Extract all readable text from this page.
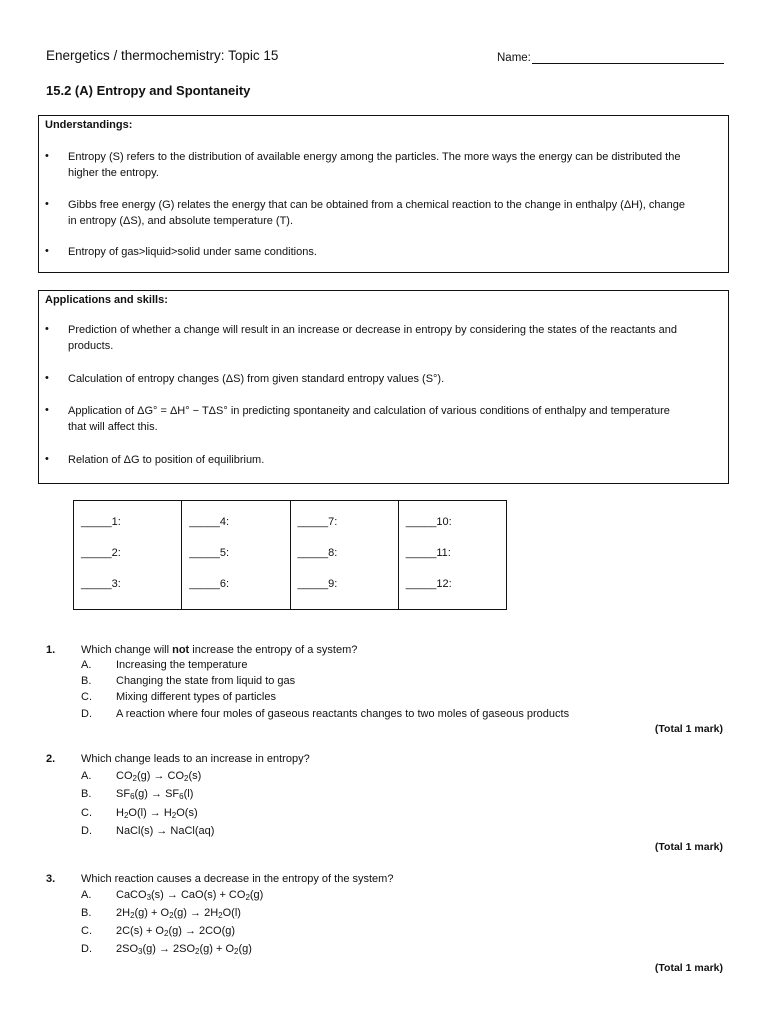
Energetics / thermochemistry: Topic 15	Name:
15.2 (A) Entropy and Spontaneity
Understandings:
• Entropy (S) refers to the distribution of available energy among the particles. The more ways the energy can be distributed the
higher the entropy.
• Gibbs free energy (G) relates the energy that can be obtained from a chemical reaction to the change in enthalpy (ΔH), change
in entropy (ΔS), and absolute temperature (T).
• Entropy of gas>liquid>solid under same conditions.
Applications and skills:
• Prediction of whether a change will result in an increase or decrease in entropy by considering the states of the reactants and
products.
• Calculation of entropy changes (ΔS) from given standard entropy values (S°).
• Application of ΔG° = ΔH° − TΔS° in predicting spontaneity and calculation of various conditions of enthalpy and temperature
that will affect this.
• Relation of ΔG to position of equilibrium.
_____1:
_____2:
_____3:

_____4:
_____5:
_____6:

_____7:
_____8:
_____9:

_____10:
_____11:
_____12:
1. Which change will not increase the entropy of a system?
A. Increasing the temperature
B. Changing the state from liquid to gas
C. Mixing different types of particles
D. A reaction where four moles of gaseous reactants changes to two moles of gaseous products
(Total 1 mark)
2. Which change leads to an increase in entropy?
A. $CO_2(g) \to CO_2(s)$
B. $SF_6(g) \to SF_6(l)$
C. $H_2O(l) \to H_2O(s)$
D. NaCl(s) → NaCl(aq)
(Total 1 mark)
3. Which reaction causes a decrease in the entropy of the system?
A. CaCO$_3$(s) → $CaO(s) + CO_2(g)$
B. $2H_2(g) + O_2(g) \to 2H_2O(l)$
C. $2C(s) + O_2(g) \to 2CO(g)$
D. $2SO_3(g) \to 2SO_2(g) + O_2(g)$
(Total 1 mark)
